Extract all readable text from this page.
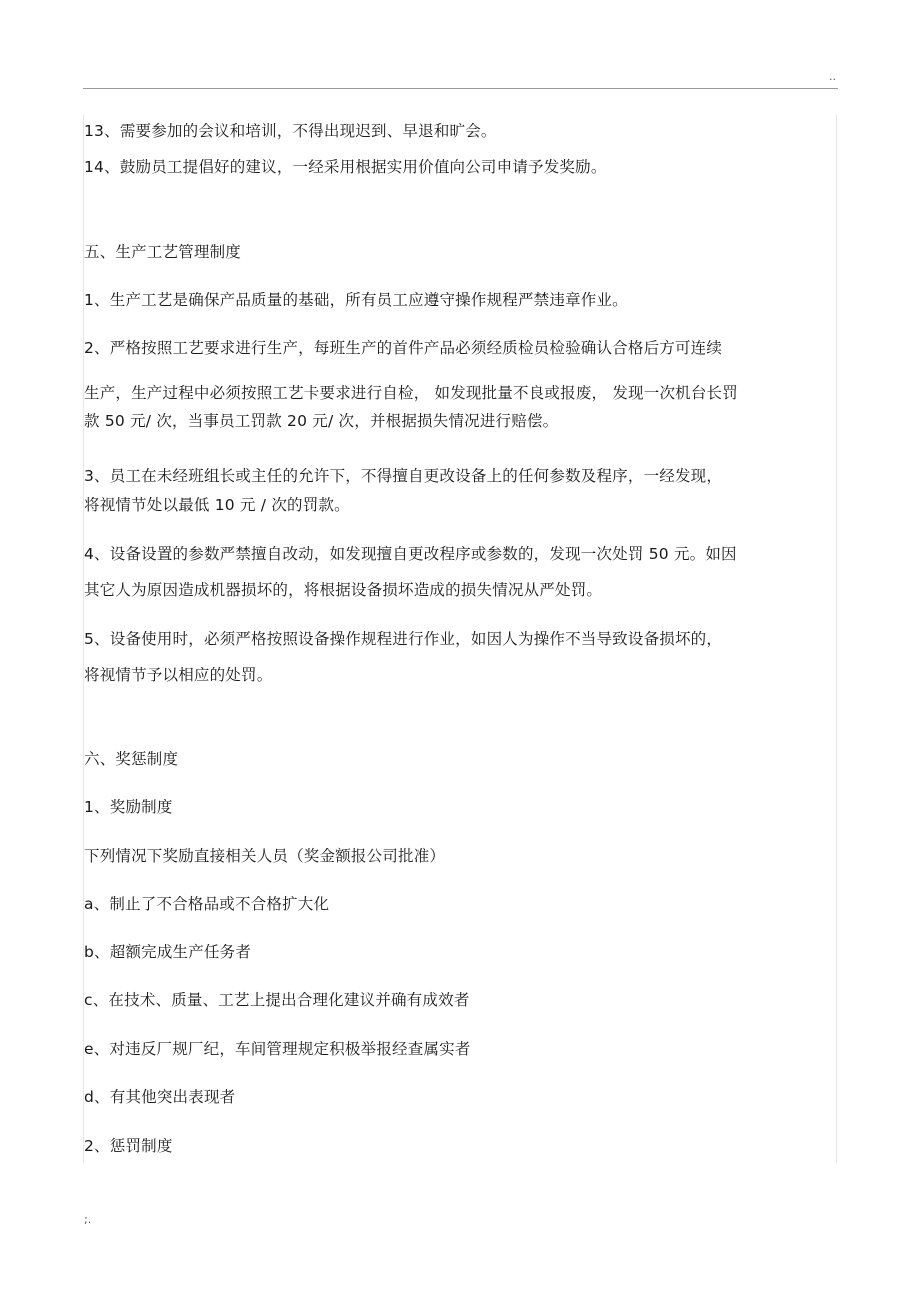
..
13、需要参加的会议和培训，不得出现迟到、早退和旷会。
14、鼓励员工提倡好的建议，一经采用根据实用价值向公司申请予发奖励。
五、生产工艺管理制度
1、生产工艺是确保产品质量的基础，所有员工应遵守操作规程严禁违章作业。
2、严格按照工艺要求进行生产，每班生产的首件产品必须经质检员检验确认合格后方可连续
生产，生产过程中必须按照工艺卡要求进行自检， 如发现批量不良或报废， 发现一次机台长罚
款 50 元/ 次，当事员工罚款 20 元/ 次，并根据损失情况进行赔偿。
3、员工在未经班组长或主任的允许下，不得擅自更改设备上的任何参数及程序，一经发现，
将视情节处以最低 10 元 / 次的罚款。
4、设备设置的参数严禁擅自改动，如发现擅自更改程序或参数的，发现一次处罚 50 元。如因
其它人为原因造成机器损坏的，将根据设备损坏造成的损失情况从严处罚。
5、设备使用时，必须严格按照设备操作规程进行作业，如因人为操作不当导致设备损坏的，
将视情节予以相应的处罚。
六、奖惩制度
1、奖励制度
下列情况下奖励直接相关人员（奖金额报公司批准）
a、制止了不合格品或不合格扩大化
b、超额完成生产任务者
c、在技术、质量、工艺上提出合理化建议并确有成效者
e、对违反厂规厂纪，车间管理规定积极举报经查属实者
d、有其他突出表现者
2、惩罚制度
;.
